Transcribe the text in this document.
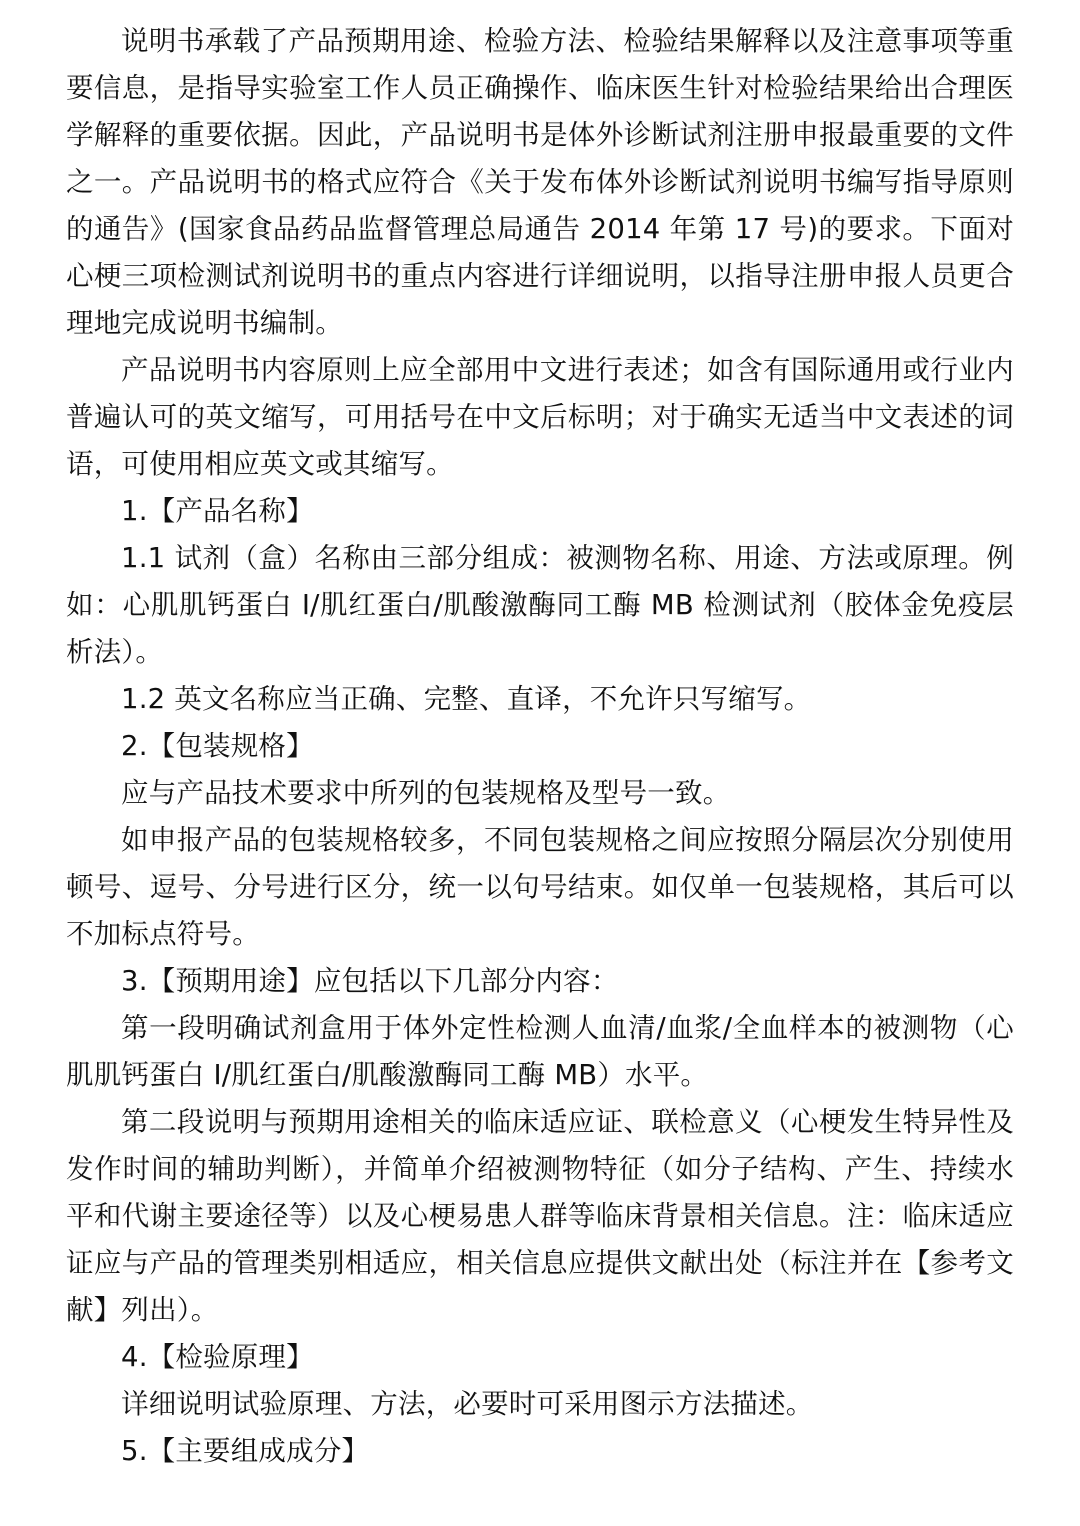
说明书承载了产品预期用途、检验方法、检验结果解释以及注意事项等重要信息，是指导实验室工作人员正确操作、临床医生针对检验结果给出合理医学解释的重要依据。因此，产品说明书是体外诊断试剂注册申报最重要的文件之一。产品说明书的格式应符合《关于发布体外诊断试剂说明书编写指导原则的通告》(国家食品药品监督管理总局通告 2014 年第 17 号)的要求。下面对心梗三项检测试剂说明书的重点内容进行详细说明，以指导注册申报人员更合理地完成说明书编制。

产品说明书内容原则上应全部用中文进行表述；如含有国际通用或行业内普遍认可的英文缩写，可用括号在中文后标明；对于确实无适当中文表述的词语，可使用相应英文或其缩写。

1.【产品名称】

1.1 试剂（盒）名称由三部分组成：被测物名称、用途、方法或原理。例如：心肌肌钙蛋白 I/肌红蛋白/肌酸激酶同工酶 MB 检测试剂（胶体金免疫层析法）。

1.2 英文名称应当正确、完整、直译，不允许只写缩写。

2.【包装规格】

应与产品技术要求中所列的包装规格及型号一致。

如申报产品的包装规格较多，不同包装规格之间应按照分隔层次分别使用顿号、逗号、分号进行区分，统一以句号结束。如仅单一包装规格，其后可以不加标点符号。

3.【预期用途】应包括以下几部分内容：

第一段明确试剂盒用于体外定性检测人血清/血浆/全血样本的被测物（心肌肌钙蛋白 I/肌红蛋白/肌酸激酶同工酶 MB）水平。

第二段说明与预期用途相关的临床适应证、联检意义（心梗发生特异性及发作时间的辅助判断），并简单介绍被测物特征（如分子结构、产生、持续水平和代谢主要途径等）以及心梗易患人群等临床背景相关信息。注：临床适应证应与产品的管理类别相适应，相关信息应提供文献出处（标注并在【参考文献】列出）。

4.【检验原理】

详细说明试验原理、方法，必要时可采用图示方法描述。

5.【主要组成成分】
